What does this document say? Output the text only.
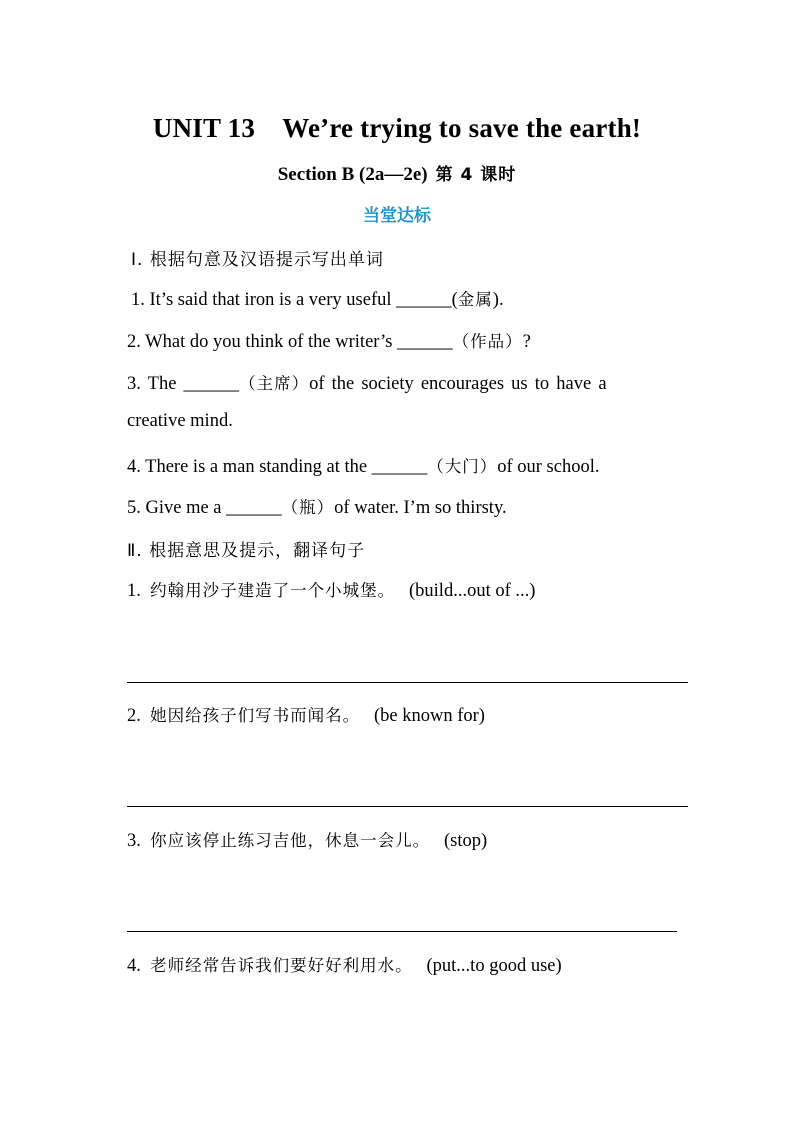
UNIT 13　We’re trying to save the earth!
Section B (2a—2e) 第 4 课时
当堂达标
Ⅰ. 根据句意及汉语提示写出单词
1. It’s said that iron is a very useful ______(金属).
2. What do you think of the writer’s ______（作品）?
3. The ______（主席）of the society encourages us to have a
creative mind.
4. There is a man standing at the ______（大门）of our school.
5. Give me a ______（瓶）of water. I’m so thirsty.
Ⅱ. 根据意思及提示，翻译句子
1. 约翰用沙子建造了一个小城堡。 (build...out of ...)
2. 她因给孩子们写书而闻名。 (be known for)
3. 你应该停止练习吉他，休息一会儿。 (stop)
4. 老师经常告诉我们要好好利用水。 (put...to good use)
